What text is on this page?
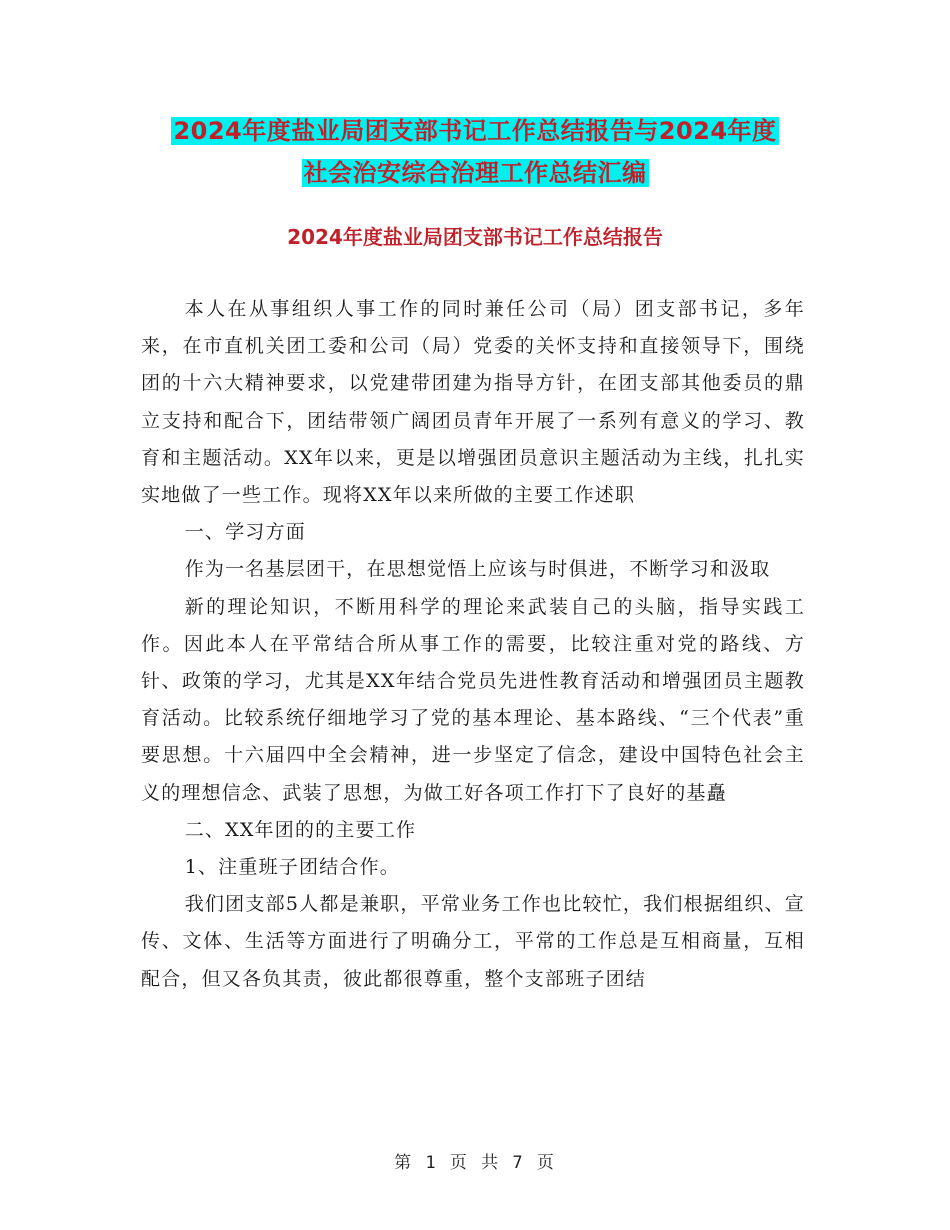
2024年度盐业局团支部书记工作总结报告与2024年度
社会治安综合治理工作总结汇编
2024年度盐业局团支部书记工作总结报告

本人在从事组织人事工作的同时兼任公司（局）团支部书记，多年来，在市直机关团工委和公司（局）党委的关怀支持和直接领导下，围绕团的十六大精神要求，以党建带团建为指导方针，在团支部其他委员的鼎立支持和配合下，团结带领广阔团员青年开展了一系列有意义的学习、教育和主题活动。XX年以来，更是以增强团员意识主题活动为主线，扎扎实实地做了一些工作。现将XX年以来所做的主要工作述职

一、学习方面

作为一名基层团干，在思想觉悟上应该与时俱进，不断学习和汲取

新的理论知识，不断用科学的理论来武装自己的头脑，指导实践工作。因此本人在平常结合所从事工作的需要，比较注重对党的路线、方针、政策的学习，尤其是XX年结合党员先进性教育活动和增强团员主题教育活动。比较系统仔细地学习了党的基本理论、基本路线、“三个代表”重要思想。十六届四中全会精神，进一步坚定了信念，建设中国特色社会主义的理想信念、武装了思想，为做工好各项工作打下了良好的基矗

二、XX年团的的主要工作

1、注重班子团结合作。

我们团支部5人都是兼职，平常业务工作也比较忙，我们根据组织、宣传、文体、生活等方面进行了明确分工，平常的工作总是互相商量，互相配合，但又各负其责，彼此都很尊重，整个支部班子团结

第 1 页 共 7 页
